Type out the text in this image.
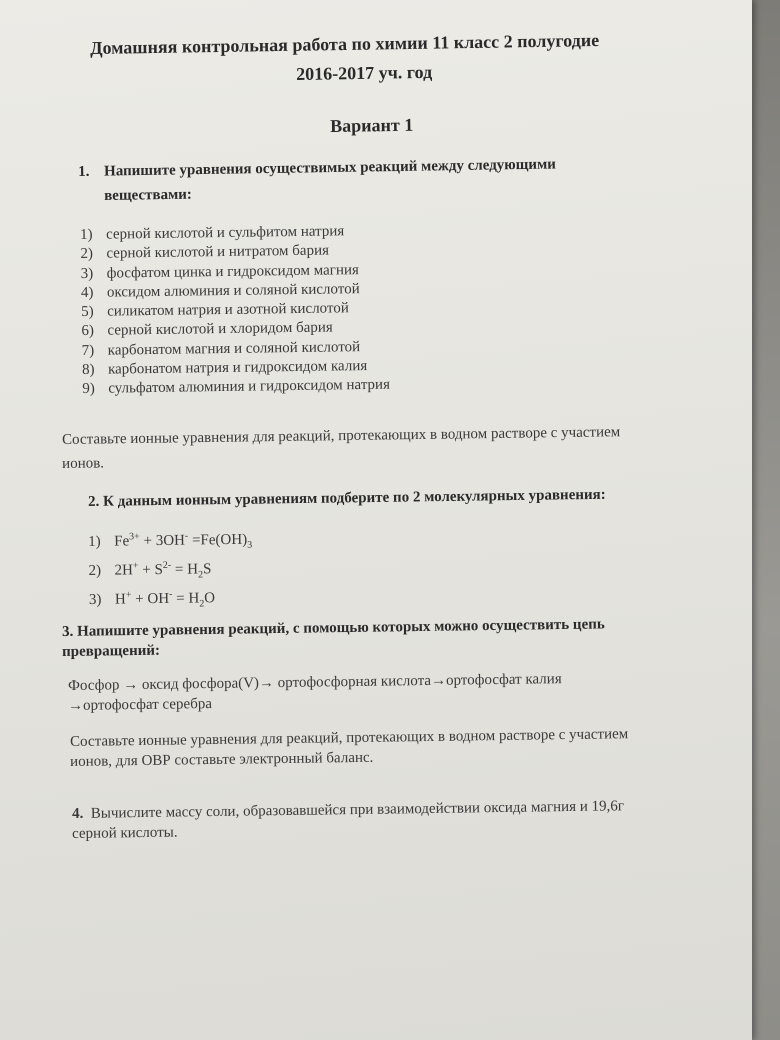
Домашняя контрольная работа по химии 11 класс 2 полугодие
2016-2017 уч. год
Вариант 1
1. Напишите уравнения осуществимых реакций между следующими
веществами:
1) серной кислотой и сульфитом натрия
2) серной кислотой и нитратом бария
3) фосфатом цинка и гидроксидом магния
4) оксидом алюминия и соляной кислотой
5) силикатом натрия и азотной кислотой
6) серной кислотой и хлоридом бария
7) карбонатом магния и соляной кислотой
8) карбонатом натрия и гидроксидом калия
9) сульфатом алюминия и гидроксидом натрия
Составьте ионные уравнения для реакций, протекающих в водном растворе с участием
ионов.
2. К данным ионным уравнениям подберите по 2 молекулярных уравнения:
1) $Fe^{3+} + 3OH^- =Fe(OH)_3$
2) $2H^+ + S^{2-} = H_2S$
3) $H^+ + OH^- = H_2O$
3. Напишите уравнения реакций, с помощью которых можно осуществить цепь
превращений:
Фосфор → оксид фосфора(V)→ ортофосфорная кислота→ортофосфат калия
→ортофосфат серебра
Составьте ионные уравнения для реакций, протекающих в водном растворе с участием
ионов, для ОВР составьте электронный баланс.
4. Вычислите массу соли, образовавшейся при взаимодействии оксида магния и 19,6г
серной кислоты.
